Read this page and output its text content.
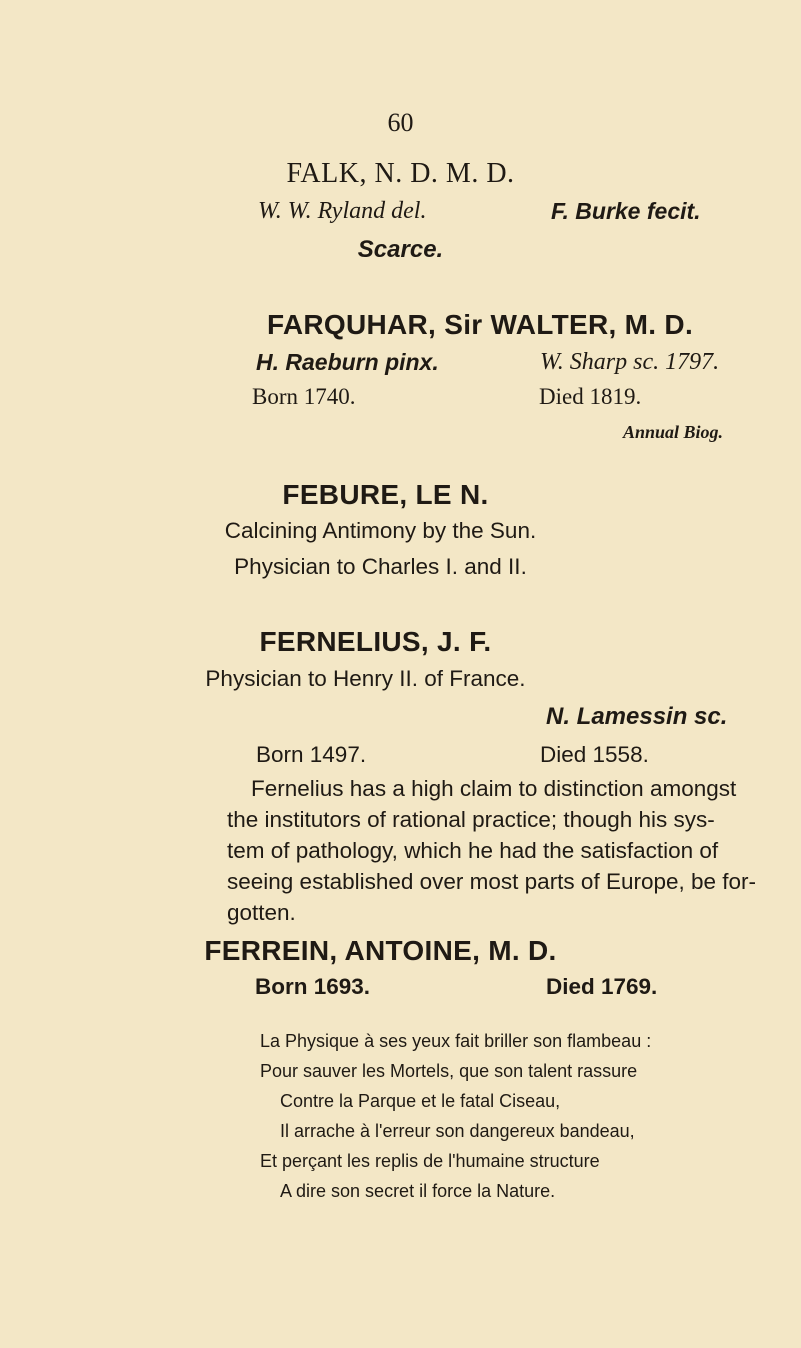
60
FALK, N. D. M. D.
W. W. Ryland del.	F. Burke fecit.
Scarce.
FARQUHAR, Sir WALTER, M. D.
H. Raeburn pinx.	W. Sharp sc. 1797.
Born 1740.	Died 1819.
Annual Biog.
FEBURE, LE N.
Calcining Antimony by the Sun.
Physician to Charles I. and II.
FERNELIUS, J. F.
Physician to Henry II. of France.
N. Lamessin sc.
Born 1497.	Died 1558.
Fernelius has a high claim to distinction amongst
the institutors of rational practice; though his sys-
tem of pathology, which he had the satisfaction of
seeing established over most parts of Europe, be for-
gotten.
FERREIN, ANTOINE, M. D.
Born 1693.	Died 1769.
La Physique à ses yeux fait briller son flambeau :
Pour sauver les Mortels, que son talent rassure
Contre la Parque et le fatal Ciseau,
Il arrache à l'erreur son dangereux bandeau,
Et perçant les replis de l'humaine structure
A dire son secret il force la Nature.
